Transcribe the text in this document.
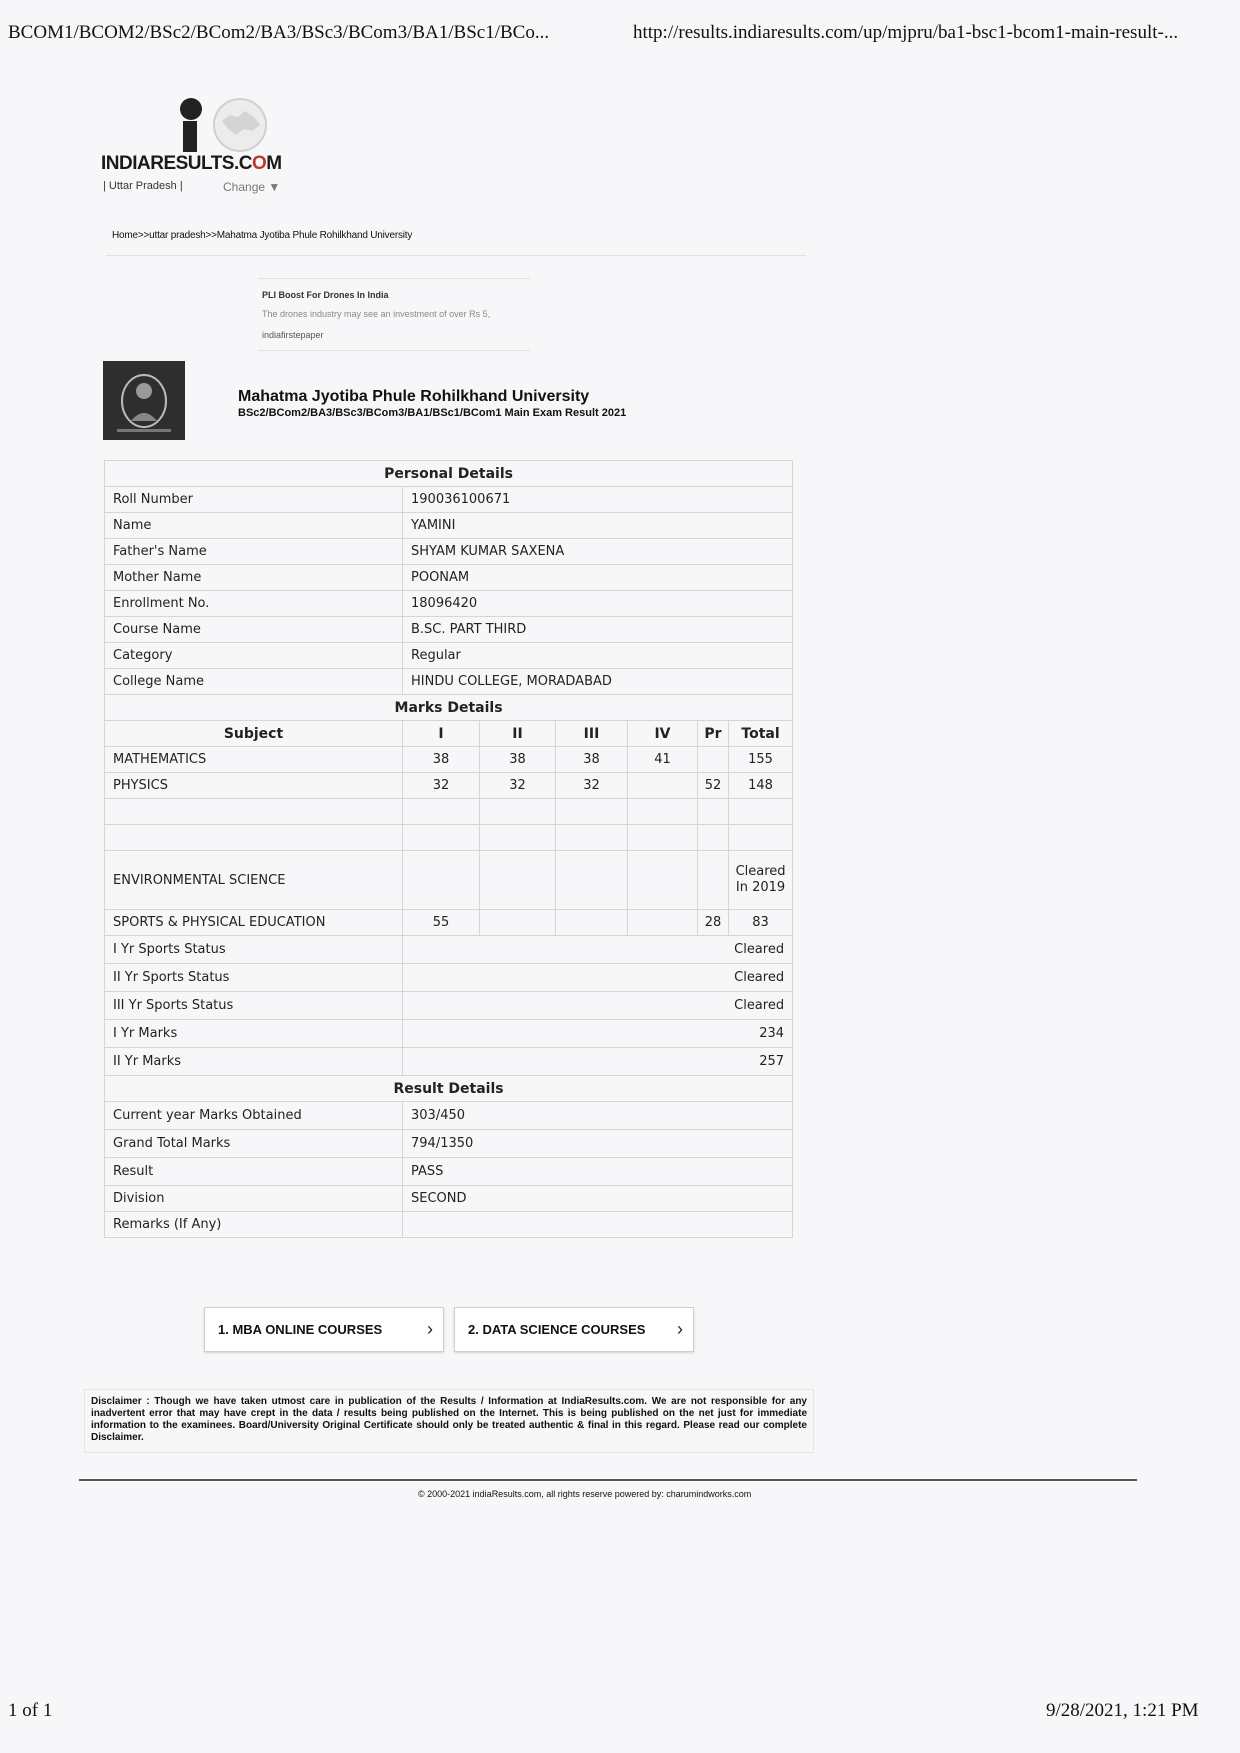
BCOM1/BCOM2/BSc2/BCom2/BA3/BSc3/BCom3/BA1/BSc1/BCo...	http://results.indiaresults.com/up/mjpru/ba1-bsc1-bcom1-main-result-...
INDIARESULTS.COM
| Uttar Pradesh |	Change ▼
Home>>uttar pradesh>>Mahatma Jyotiba Phule Rohilkhand University
PLI Boost For Drones In India
The drones industry may see an investment of over Rs 5,
indiafirstepaper
Mahatma Jyotiba Phule Rohilkhand University
BSc2/BCom2/BA3/BSc3/BCom3/BA1/BSc1/BCom1 Main Exam Result 2021
Personal Details						
Roll Number	190036100671					
Name	YAMINI					
Father's Name	SHYAM KUMAR SAXENA					
Mother Name	POONAM					
Enrollment No.	18096420					
Course Name	B.SC. PART THIRD					
Category	Regular					
College Name	HINDU COLLEGE, MORADABAD					
Marks Details						
Subject	I	II	III	IV	Pr	Total
MATHEMATICS	38	38	38	41		155
PHYSICS	32	32	32		52	148

ENVIRONMENTAL SCIENCE						Cleared In 2019
SPORTS & PHYSICAL EDUCATION	55				28	83
I Yr Sports Status	Cleared					
II Yr Sports Status	Cleared					
III Yr Sports Status	Cleared					
I Yr Marks	234					
II Yr Marks	257					
Result Details						
Current year Marks Obtained	303/450					
Grand Total Marks	794/1350					
Result	PASS					
Division	SECOND					
Remarks (If Any)						
1. MBA ONLINE COURSES ›	2. DATA SCIENCE COURSES ›
Disclaimer : Though we have taken utmost care in publication of the Results / Information at IndiaResults.com. We are not responsible for any inadvertent error that may have crept in the data / results being published on the Internet. This is being published on the net just for immediate information to the examinees. Board/University Original Certificate should only be treated authentic & final in this regard. Please read our complete Disclaimer.
© 2000-2021 indiaResults.com, all rights reserve powered by: charumindworks.com
1 of 1	9/28/2021, 1:21 PM
